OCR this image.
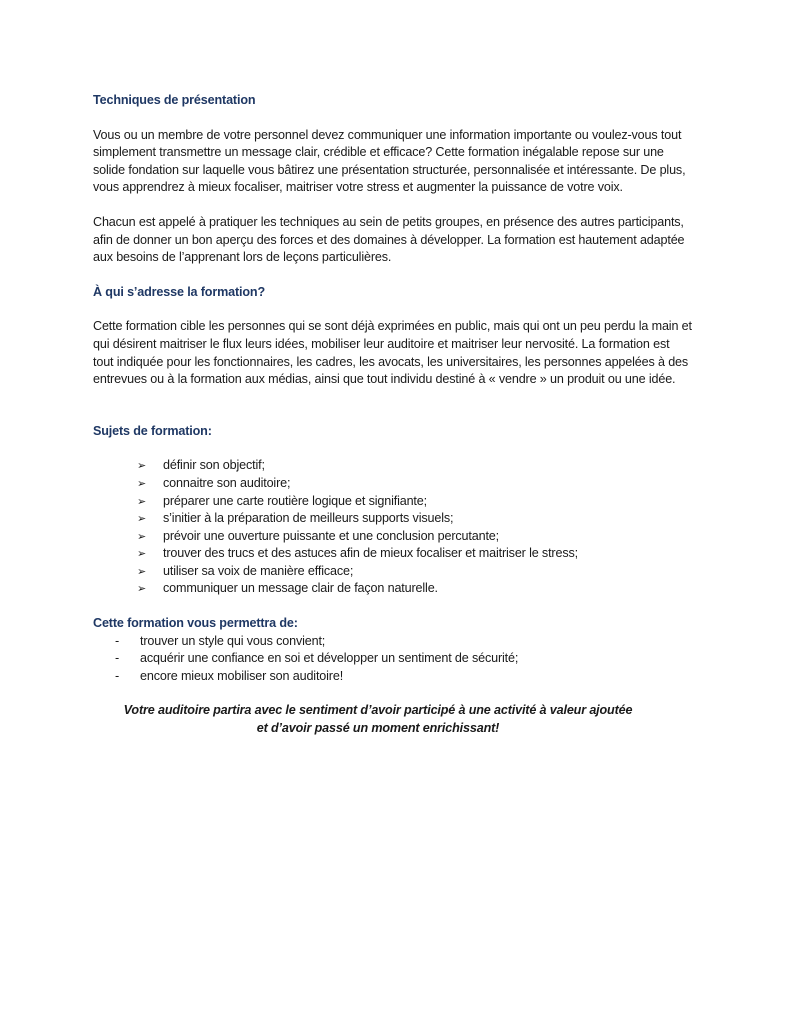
Techniques de présentation

Vous ou un membre de votre personnel devez communiquer une information importante ou voulez-vous tout simplement transmettre un message clair, crédible et efficace? Cette formation inégalable repose sur une solide fondation sur laquelle vous bâtirez une présentation structurée, personnalisée et intéressante. De plus, vous apprendrez à mieux focaliser, maitriser votre stress et augmenter la puissance de votre voix.

Chacun est appelé à pratiquer les techniques au sein de petits groupes, en présence des autres participants, afin de donner un bon aperçu des forces et des domaines à développer. La formation est hautement adaptée aux besoins de l’apprenant lors de leçons particulières.

À qui s’adresse la formation?

Cette formation cible les personnes qui se sont déjà exprimées en public, mais qui ont un peu perdu la main et qui désirent maitriser le flux leurs idées, mobiliser leur auditoire et maitriser leur nervosité. La formation est tout indiquée pour les fonctionnaires, les cadres, les avocats, les universitaires, les personnes appelées à des entrevues ou à la formation aux médias, ainsi que tout individu destiné à « vendre » un produit ou une idée.

Sujets de formation:
➢	définir son objectif;
➢	connaitre son auditoire;
➢	préparer une carte routière logique et signifiante;
➢	s’initier à la préparation de meilleurs supports visuels;
➢	prévoir une ouverture puissante et une conclusion percutante;
➢	trouver des trucs et des astuces afin de mieux focaliser et maitriser le stress;
➢	utiliser sa voix de manière efficace;
➢	communiquer un message clair de façon naturelle.
Cette formation vous permettra de:
- trouver un style qui vous convient;
- acquérir une confiance en soi et développer un sentiment de sécurité;
- encore mieux mobiliser son auditoire!

Votre auditoire partira avec le sentiment d’avoir participé à une activité à valeur ajoutée
et d’avoir passé un moment enrichissant!
